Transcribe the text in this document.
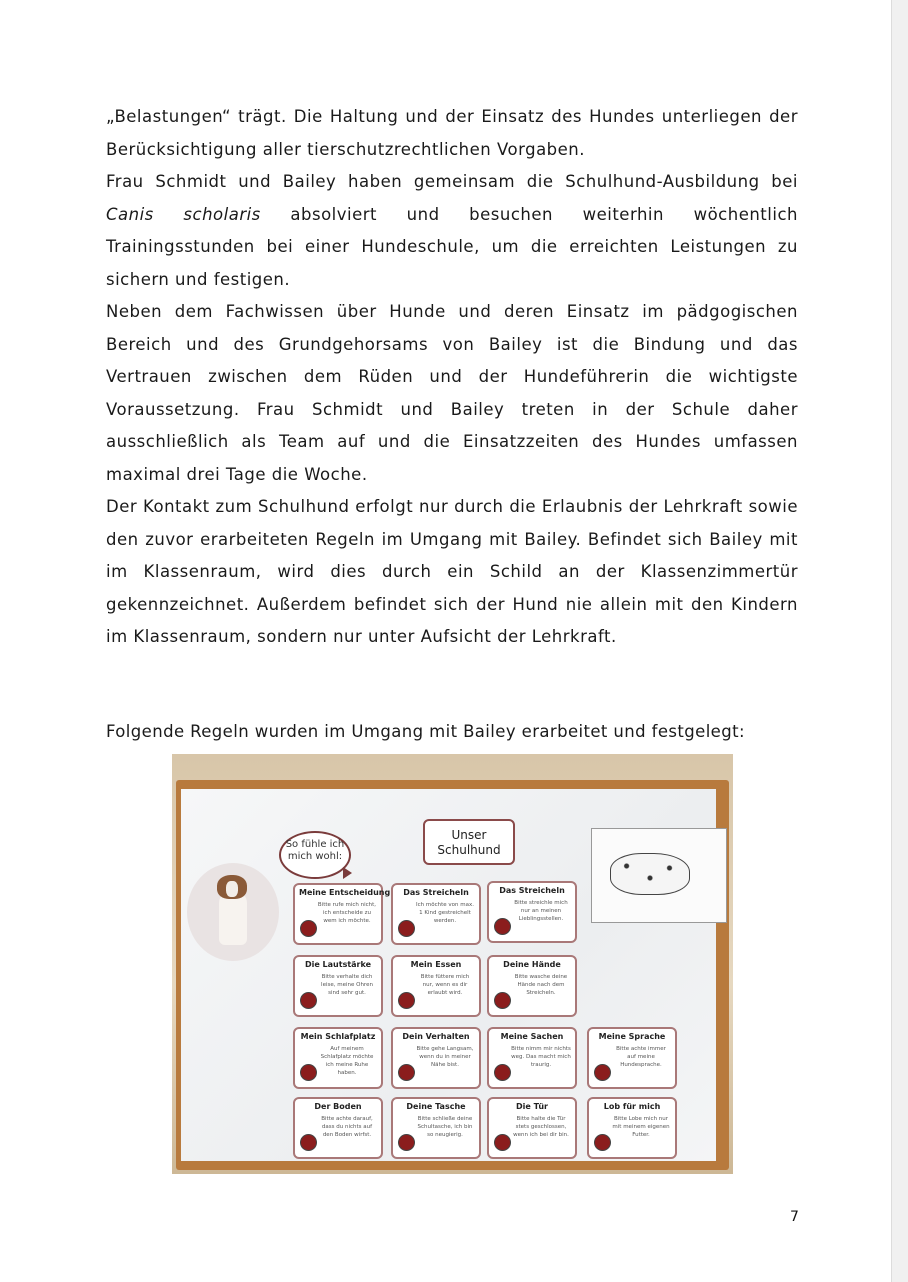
„Belastungen“ trägt. Die Haltung und der Einsatz des Hundes unterliegen der Berücksichtigung aller tierschutzrechtlichen Vorgaben.

Frau Schmidt und Bailey haben gemeinsam die Schulhund-Ausbildung bei Canis scholaris absolviert und besuchen weiterhin wöchentlich Trainingsstunden bei einer Hundeschule, um die erreichten Leistungen zu sichern und festigen.

Neben dem Fachwissen über Hunde und deren Einsatz im pädgogischen Bereich und des Grundgehorsams von Bailey ist die Bindung und das Vertrauen zwischen dem Rüden und der Hundeführerin die wichtigste Voraussetzung. Frau Schmidt und Bailey treten in der Schule daher ausschließlich als Team auf und die Einsatzzeiten des Hundes umfassen maximal drei Tage die Woche.

Der Kontakt zum Schulhund erfolgt nur durch die Erlaubnis der Lehrkraft sowie den zuvor erarbeiteten Regeln im Umgang mit Bailey. Befindet sich Bailey mit im Klassenraum, wird dies durch ein Schild an der Klassenzimmertür gekennzeichnet. Außerdem befindet sich der Hund nie allein mit den Kindern im Klassenraum, sondern nur unter Aufsicht der Lehrkraft.

Folgende Regeln wurden im Umgang mit Bailey erarbeitet und festgelegt:

So fühle ich mich wohl:
Unser Schulhund
Meine Entscheidung
Bitte rufe mich nicht, ich entscheide zu wem ich möchte.
Das Streicheln
Ich möchte von max. 1 Kind gestreichelt werden.
Das Streicheln
Bitte streichle mich nur an meinen Lieblingsstellen.
Die Lautstärke
Bitte verhalte dich leise, meine Ohren sind sehr gut.
Mein Essen
Bitte füttere mich nur, wenn es dir erlaubt wird.
Deine Hände
Bitte wasche deine Hände nach dem Streicheln.
Mein Schlafplatz
Auf meinem Schlafplatz möchte ich meine Ruhe haben.
Dein Verhalten
Bitte gehe Langsam, wenn du in meiner Nähe bist.
Meine Sachen
Bitte nimm mir nichts weg. Das macht mich traurig.
Meine Sprache
Bitte achte immer auf meine Hundesprache.
Der Boden
Bitte achte darauf, dass du nichts auf den Boden wirfst.
Deine Tasche
Bitte schließe deine Schultasche, ich bin so neugierig.
Die Tür
Bitte halte die Tür stets geschlossen, wenn ich bei dir bin.
Lob für mich
Bitte Lobe mich nur mit meinem eigenen Futter.
7
